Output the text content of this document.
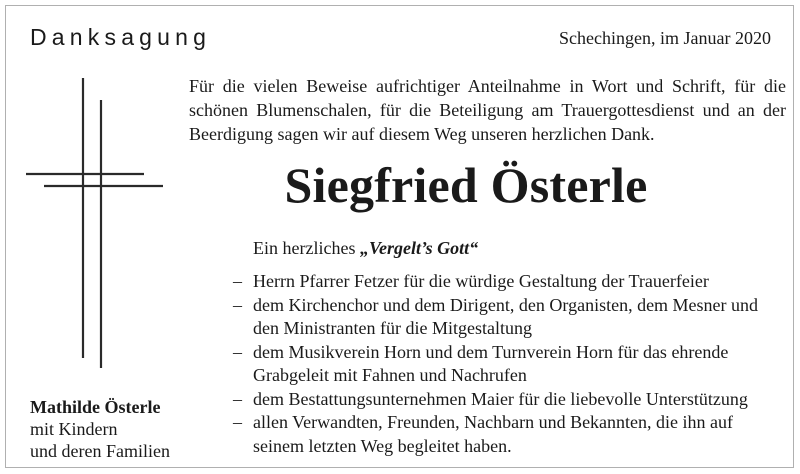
Danksagung	Schechingen, im Januar 2020

Für die vielen Beweise aufrichtiger Anteilnahme in Wort und Schrift, für die schönen Blumenschalen, für die Beteiligung am Trauergottesdienst und an der Beerdigung sagen wir auf diesem Weg unseren herzlichen Dank.

Siegfried Österle
Ein herzliches „Vergelt’s Gott“
– Herrn Pfarrer Fetzer für die würdige Gestaltung der Trauerfeier
– dem Kirchenchor und dem Dirigent, den Organisten, dem Mesner und den Ministranten für die Mitgestaltung
– dem Musikverein Horn und dem Turnverein Horn für das ehrende Grabgeleit mit Fahnen und Nachrufen
– dem Bestattungsunternehmen Maier für die liebevolle Unterstützung
– allen Verwandten, Freunden, Nachbarn und Bekannten, die ihn auf seinem letzten Weg begleitet haben.
Mathilde Österle
mit Kindern
und deren Familien
